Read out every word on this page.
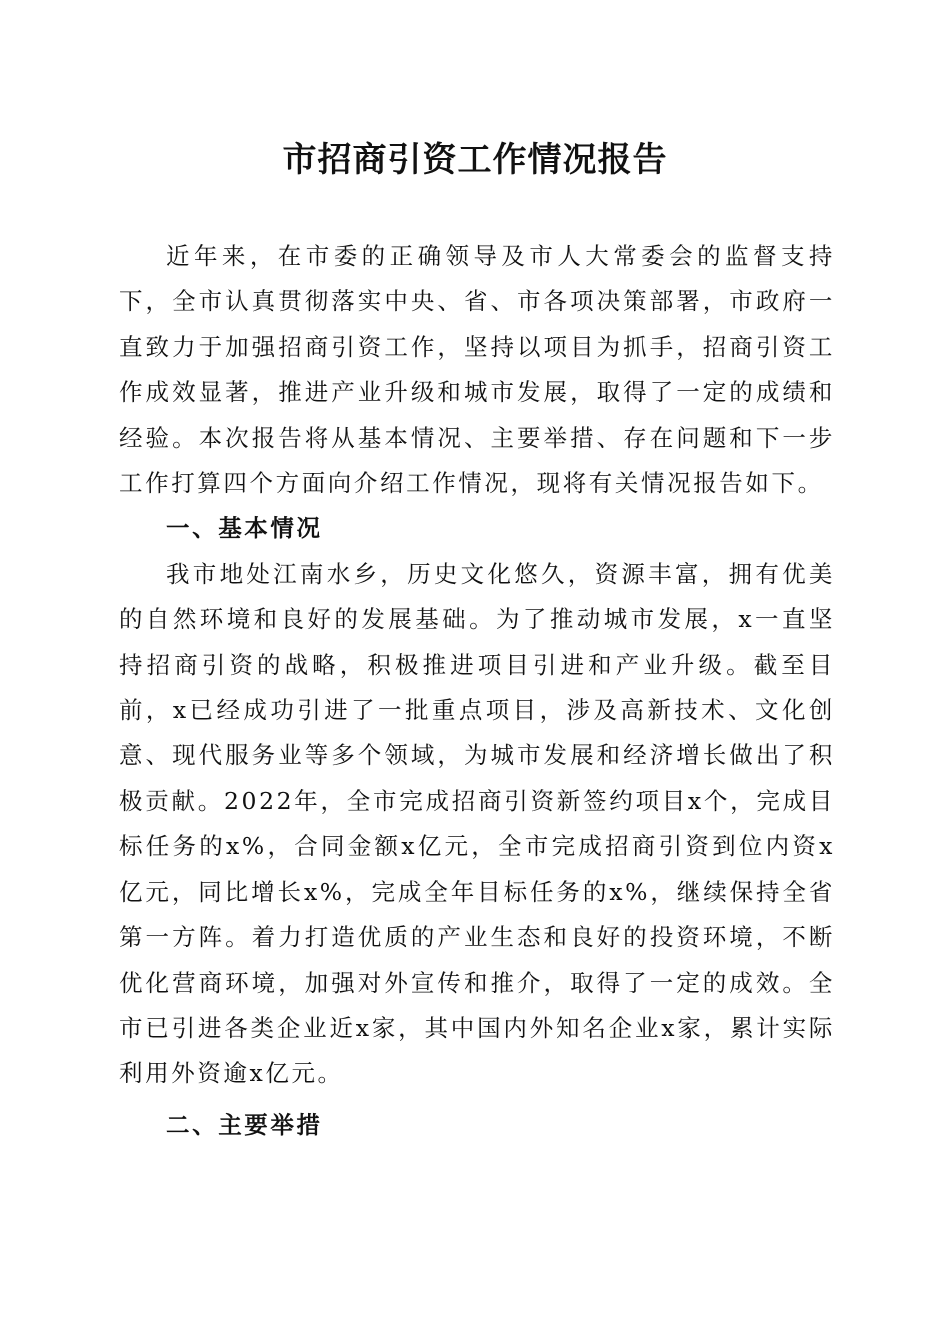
市招商引资工作情况报告

近年来，在市委的正确领导及市人大常委会的监督支持下，全市认真贯彻落实中央、省、市各项决策部署，市政府一直致力于加强招商引资工作，坚持以项目为抓手，招商引资工作成效显著，推进产业升级和城市发展，取得了一定的成绩和经验。本次报告将从基本情况、主要举措、存在问题和下一步工作打算四个方面向介绍工作情况，现将有关情况报告如下。

一、基本情况

我市地处江南水乡，历史文化悠久，资源丰富，拥有优美的自然环境和良好的发展基础。为了推动城市发展，x一直坚持招商引资的战略，积极推进项目引进和产业升级。截至目前，x已经成功引进了一批重点项目，涉及高新技术、文化创意、现代服务业等多个领域，为城市发展和经济增长做出了积极贡献。2022年，全市完成招商引资新签约项目x个，完成目标任务的x%，合同金额x亿元，全市完成招商引资到位内资x亿元，同比增长x%，完成全年目标任务的x%，继续保持全省第一方阵。着力打造优质的产业生态和良好的投资环境，不断优化营商环境，加强对外宣传和推介，取得了一定的成效。全市已引进各类企业近x家，其中国内外知名企业x家，累计实际利用外资逾x亿元。

二、主要举措
